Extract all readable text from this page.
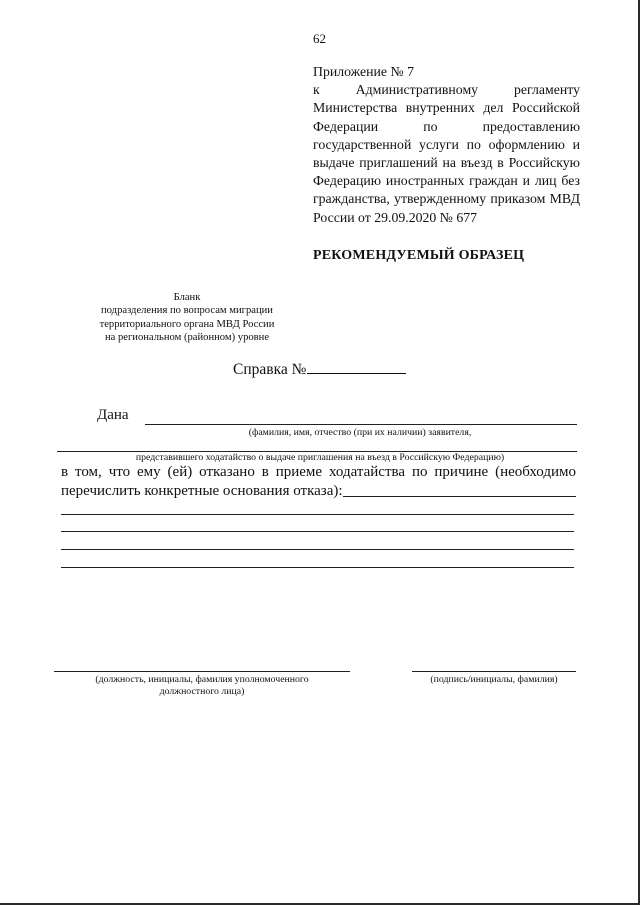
62
Приложение № 7
к Административному регламенту Министерства внутренних дел Российской Федерации по предоставлению государственной услуги по оформлению и выдаче приглашений на въезд в Российскую Федерацию иностранных граждан и лиц без гражданства, утвержденному приказом МВД России от 29.09.2020 № 677
РЕКОМЕНДУЕМЫЙ ОБРАЗЕЦ
Бланк
подразделения по вопросам миграции
территориального органа МВД России
на региональном (районном) уровне
Справка №
Дана
(фамилия, имя, отчество (при их наличии) заявителя,
представившего ходатайство о выдаче приглашения на въезд в Российскую Федерацию)
в том, что ему (ей) отказано в приеме ходатайства по причине (необходимо перечислить конкретные основания отказа):
(должность, инициалы, фамилия уполномоченного
должностного лица)
(подпись/инициалы, фамилия)
